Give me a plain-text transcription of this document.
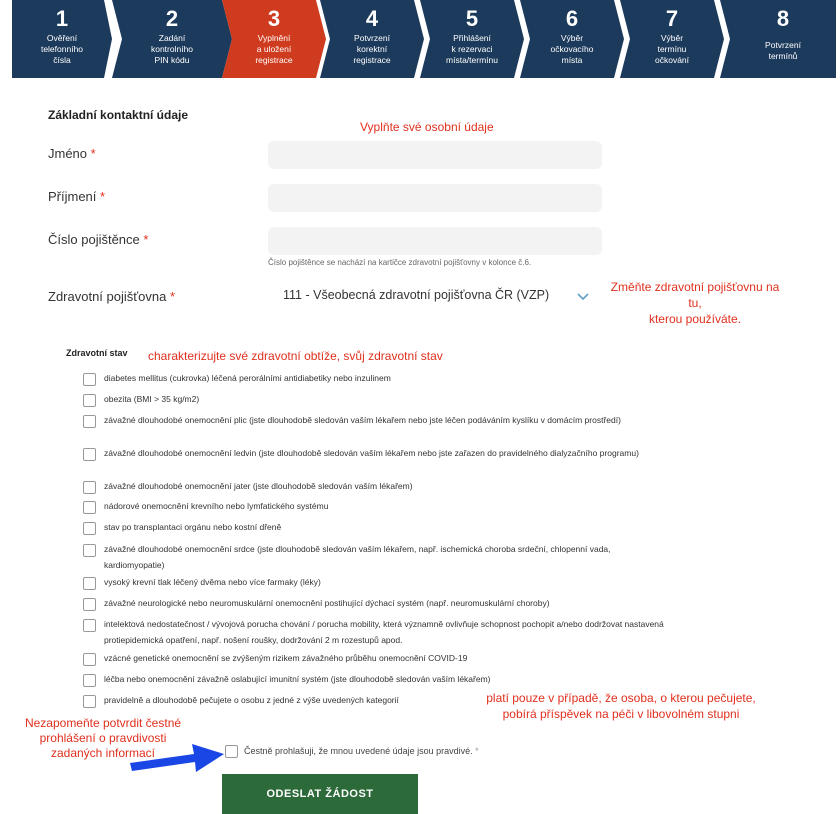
1
Ověření
telefonního
čísla
2
Zadání
kontrolního
PIN kódu
3
Vyplnění
a uložení
registrace
4
Potvrzení
korektní
registrace
5
Přihlášení
k rezervaci
místa/termínu
6
Výběr
očkovacího
místa
7
Výběr
termínu
očkování
8
Potvrzení
termínů
Základní kontaktní údaje
Vyplňte své osobní údaje
Jméno *
Příjmení *
Číslo pojištěnce *
Číslo pojištěnce se nachází na kartičce zdravotní pojišťovny v kolonce č.6.
Zdravotní pojišťovna *	111 - Všeobecná zdravotní pojišťovna ČR (VZP)
Změňte zdravotní pojišťovnu na tu,
kterou používáte.
Zdravotní stav charakterizujte své zdravotní obtíže, svůj zdravotní stav
diabetes mellitus (cukrovka) léčená perorálními antidiabetiky nebo inzulinem
obezita (BMI > 35 kg/m2)
závažné dlouhodobé onemocnění plic (jste dlouhodobě sledován vaším lékařem nebo jste léčen podáváním kyslíku v domácím prostředí)
závažné dlouhodobé onemocnění ledvin (jste dlouhodobě sledován vaším lékařem nebo jste zařazen do pravidelného dialyzačního programu)
závažné dlouhodobé onemocnění jater (jste dlouhodobě sledován vaším lékařem)
nádorové onemocnění krevního nebo lymfatického systému
stav po transplantaci orgánu nebo kostní dřeně
závažné dlouhodobé onemocnění srdce (jste dlouhodobě sledován vaším lékařem, např. ischemická choroba srdeční, chlopenní vada, kardiomyopatie)
vysoký krevní tlak léčený dvěma nebo více farmaky (léky)
závažné neurologické nebo neuromuskulární onemocnění postihující dýchací systém (např. neuromuskulární choroby)
intelektová nedostatečnost / vývojová porucha chování / porucha mobility, která významně ovlivňuje schopnost pochopit a/nebo dodržovat nastavená protiepidemická opatření, např. nošení roušky, dodržování 2 m rozestupů apod.
vzácné genetické onemocnění se zvýšeným rizikem závažného průběhu onemocnění COVID-19
léčba nebo onemocnění závažně oslabující imunitní systém (jste dlouhodobě sledován vaším lékařem)
pravidelně a dlouhodobě pečujete o osobu z jedné z výše uvedených kategorií	platí pouze v případě, že osoba, o kterou pečujete,
pobírá příspěvek na péči v libovolném stupni
Nezapomeňte potvrdit čestné
prohlášení o pravdivosti
zadaných informací	Čestně prohlašuji, že mnou uvedené údaje jsou pravdivé. *
ODESLAT ŽÁDOST
